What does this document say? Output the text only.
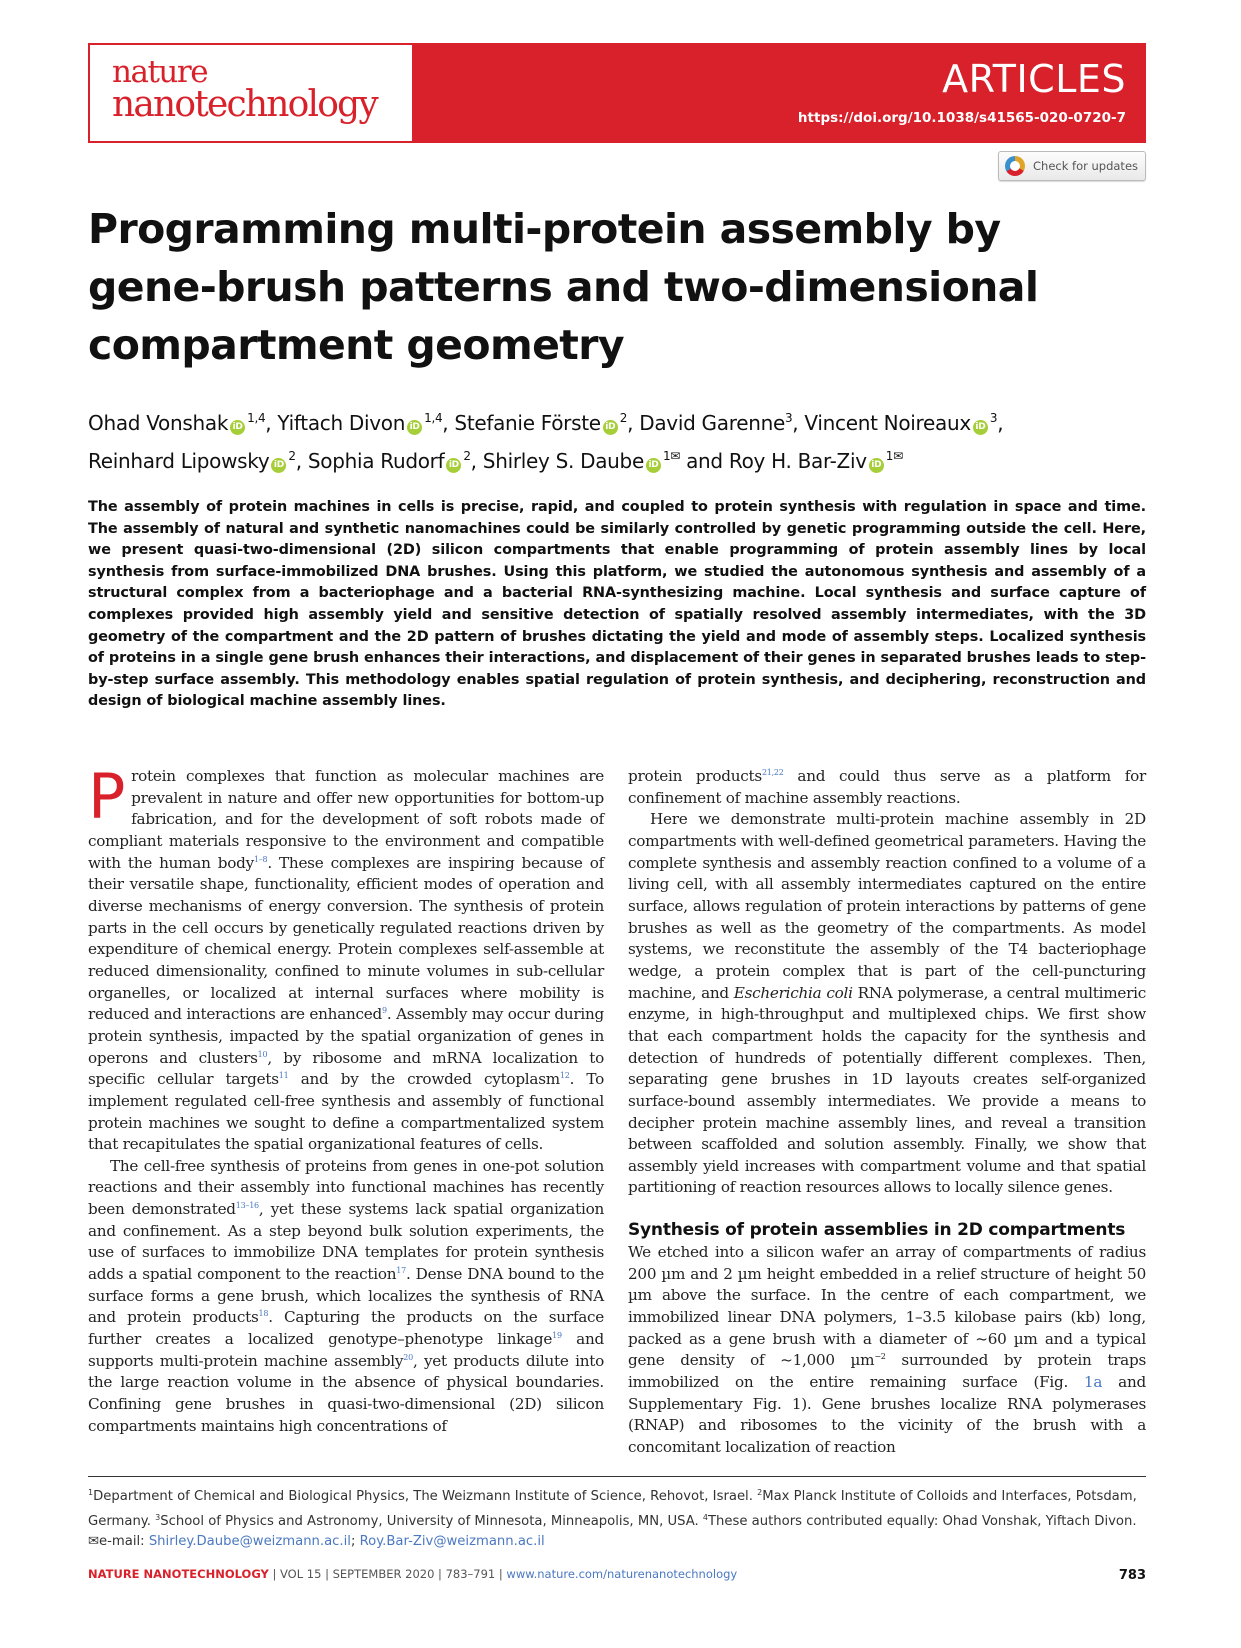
nature
nanotechnology
ARTICLES
https://doi.org/10.1038/s41565-020-0720-7
Check for updates
Programming multi-protein assembly by gene-brush patterns and two-dimensional compartment geometry
Ohad Vonshak iD$^{1,4}$, Yiftach Divon iD$^{1,4}$, Stefanie Förste $iD^2$, David Garenne$^3$, Vincent Noireaux $iD^3$,
Reinhard Lipowsky $iD^2$, Sophia Rudorf $iD^2$, Shirley S. Daube $iD^{1✉}$ and Roy H. Bar-Ziv $iD^{1✉}$

The assembly of protein machines in cells is precise, rapid, and coupled to protein synthesis with regulation in space and time. The assembly of natural and synthetic nanomachines could be similarly controlled by genetic programming outside the cell. Here, we present quasi-two-dimensional (2D) silicon compartments that enable programming of protein assembly lines by local synthesis from surface-immobilized DNA brushes. Using this platform, we studied the autonomous synthesis and assembly of a structural complex from a bacteriophage and a bacterial RNA-synthesizing machine. Local synthesis and surface capture of complexes provided high assembly yield and sensitive detection of spatially resolved assembly intermediates, with the 3D geometry of the compartment and the 2D pattern of brushes dictating the yield and mode of assembly steps. Localized synthesis of proteins in a single gene brush enhances their interactions, and displacement of their genes in separated brushes leads to step-by-step surface assembly. This methodology enables spatial regulation of protein synthesis, and deciphering, reconstruction and design of biological machine assembly lines.

Protein complexes that function as molecular machines are prevalent in nature and offer new opportunities for bottom-up fabrication, and for the development of soft robots made of compliant materials responsive to the environment and compatible with the human body$^{1-8}$. These complexes are inspiring because of their versatile shape, functionality, efficient modes of operation and diverse mechanisms of energy conversion. The synthesis of protein parts in the cell occurs by genetically regulated reactions driven by expenditure of chemical energy. Protein complexes self-assemble at reduced dimensionality, confined to minute volumes in sub-cellular organelles, or localized at internal surfaces where mobility is reduced and interactions are enhanced$^9$. Assembly may occur during protein synthesis, impacted by the spatial organization of genes in operons and clusters$^{10}$, by ribosome and mRNA localization to specific cellular targets$^{11}$ and by the crowded cytoplasm$^{12}$. To implement regulated cell-free synthesis and assembly of functional protein machines we sought to define a compartmentalized system that recapitulates the spatial organizational features of cells.

The cell-free synthesis of proteins from genes in one-pot solution reactions and their assembly into functional machines has recently been demonstrated$^{13-16}$, yet these systems lack spatial organization and confinement. As a step beyond bulk solution experiments, the use of surfaces to immobilize DNA templates for protein synthesis adds a spatial component to the reaction$^{17}$. Dense DNA bound to the surface forms a gene brush, which localizes the synthesis of RNA and protein products$^{18}$. Capturing the products on the surface further creates a localized genotype–phenotype linkage$^{19}$ and supports multi-protein machine assembly$^{20}$, yet products dilute into the large reaction volume in the absence of physical boundaries. Confining gene brushes in quasi-two-dimensional (2D) silicon compartments maintains high concentrations of

protein products$^{21,22}$ and could thus serve as a platform for confinement of machine assembly reactions.

Here we demonstrate multi-protein machine assembly in 2D compartments with well-defined geometrical parameters. Having the complete synthesis and assembly reaction confined to a volume of a living cell, with all assembly intermediates captured on the entire surface, allows regulation of protein interactions by patterns of gene brushes as well as the geometry of the compartments. As model systems, we reconstitute the assembly of the T4 bacteriophage wedge, a protein complex that is part of the cell-puncturing machine, and Escherichia coli RNA polymerase, a central multimeric enzyme, in high-throughput and multiplexed chips. We first show that each compartment holds the capacity for the synthesis and detection of hundreds of potentially different complexes. Then, separating gene brushes in 1D layouts creates self-organized surface-bound assembly intermediates. We provide a means to decipher protein machine assembly lines, and reveal a transition between scaffolded and solution assembly. Finally, we show that assembly yield increases with compartment volume and that spatial partitioning of reaction resources allows to locally silence genes.

Synthesis of protein assemblies in 2D compartments

We etched into a silicon wafer an array of compartments of radius 200 µm and 2 µm height embedded in a relief structure of height 50 µm above the surface. In the centre of each compartment, we immobilized linear DNA polymers, 1–3.5 kilobase pairs (kb) long, packed as a gene brush with a diameter of ~60 µm and a typical gene density of ~1,000 µm$^{-2}$ surrounded by protein traps immobilized on the entire remaining surface (Fig. 1a and Supplementary Fig. 1). Gene brushes localize RNA polymerases (RNAP) and ribosomes to the vicinity of the brush with a concomitant localization of reaction

$^1$Department of Chemical and Biological Physics, The Weizmann Institute of Science, Rehovot, Israel. $^2$Max Planck Institute of Colloids and Interfaces, Potsdam, Germany. $^3$School of Physics and Astronomy, University of Minnesota, Minneapolis, MN, USA. $^4$These authors contributed equally: Ohad Vonshak, Yiftach Divon. ✉e-mail: Shirley.Daube@weizmann.ac.il; Roy.Bar-Ziv@weizmann.ac.il
NATURE NANOTECHNOLOGY | VOL 15 | SEPTEMBER 2020 | 783–791 | www.nature.com/naturenanotechnology	783
